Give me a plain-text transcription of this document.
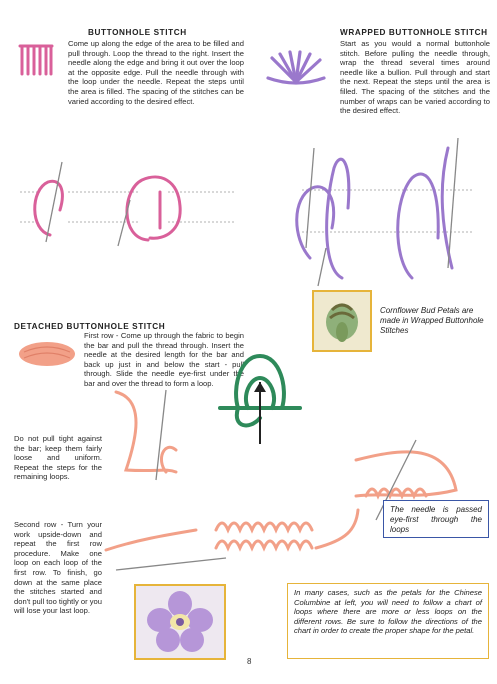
BUTTONHOLE STITCH
Come up along the edge of the area to be filled and pull through. Loop the thread to the right. Insert the needle along the edge and bring it out over the loop at the opposite edge. Pull the needle through with the loop under the needle. Repeat the steps until the area is filled. The spacing of the stitches can be varied according to the desired effect.
WRAPPED BUTTONHOLE STITCH
Start as you would a normal buttonhole stitch. Before pulling the needle through, wrap the thread several times around needle like a bullion. Pull through and start the next. Repeat the steps until the area is filled. The spacing of the stitches and the number of wraps can be varied according to the desired effect.
Cornflower Bud Petals are made in Wrapped Buttonhole Stitches
DETACHED BUTTONHOLE STITCH
First row - Come up through the fabric to begin the bar and pull the thread through. Insert the needle at the desired length for the bar and back up just in and below the start - pull through. Slide the needle eye-first under the bar and over the thread to form a loop.
Do not pull tight against the bar; keep them fairly loose and uniform. Repeat the steps for the remaining loops.
Second row - Turn your work upside-down and repeat the first row procedure. Make one loop on each loop of the first row. To finish, go down at the same place the stitches started and don't pull too tightly or you will lose your last loop.
The needle is passed eye-first through the loops
In many cases, such as the petals for the Chinese Columbine at left, you will need to follow a chart of loops where there are more or less loops on the different rows. Be sure to follow the directions of the chart in order to create the proper shape for the petal.
8
